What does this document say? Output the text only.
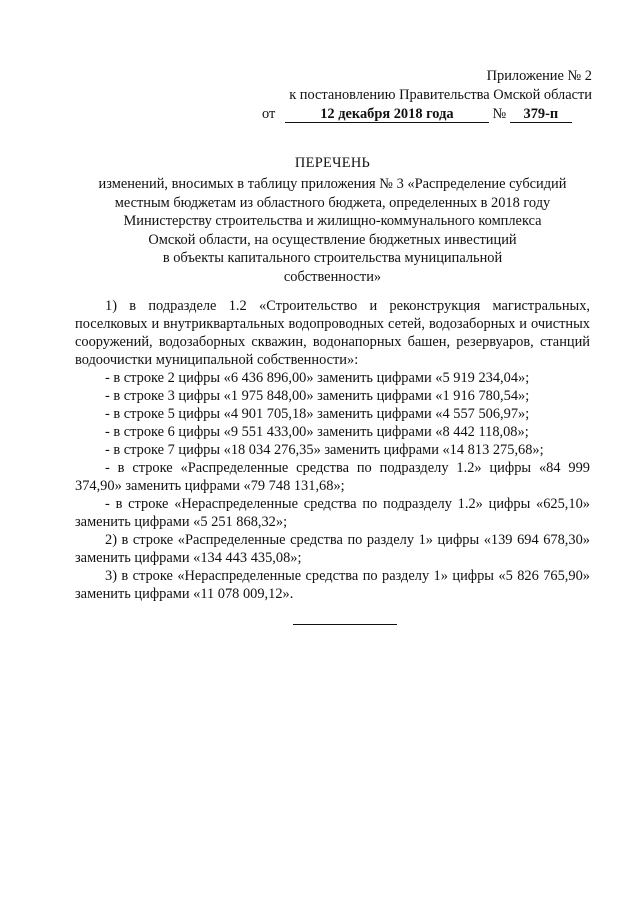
Приложение № 2
к постановлению Правительства Омской области
от	12 декабря 2018 года	№ 379-п
ПЕРЕЧЕНЬ
изменений, вносимых в таблицу приложения № 3 «Распределение субсидий
местным бюджетам из областного бюджета, определенных в 2018 году
Министерству строительства и жилищно-коммунального комплекса
Омской области, на осуществление бюджетных инвестиций
в объекты капитального строительства муниципальной
собственности»

1) в подразделе 1.2 «Строительство и реконструкция магистральных, поселковых и внутриквартальных водопроводных сетей, водозаборных и очистных сооружений, водозаборных скважин, водонапорных башен, резервуаров, станций водоочистки муниципальной собственности»:

- в строке 2 цифры «6 436 896,00» заменить цифрами «5 919 234,04»;

- в строке 3 цифры «1 975 848,00» заменить цифрами «1 916 780,54»;

- в строке 5 цифры «4 901 705,18» заменить цифрами «4 557 506,97»;

- в строке 6 цифры «9 551 433,00» заменить цифрами «8 442 118,08»;

- в строке 7 цифры «18 034 276,35» заменить цифрами «14 813 275,68»;

- в строке «Распределенные средства по подразделу 1.2» цифры «84 999 374,90» заменить цифрами «79 748 131,68»;

- в строке «Нераспределенные средства по подразделу 1.2» цифры «625,10» заменить цифрами «5 251 868,32»;

2) в строке «Распределенные средства по разделу 1» цифры «139 694 678,30» заменить цифрами «134 443 435,08»;

3) в строке «Нераспределенные средства по разделу 1» цифры «5 826 765,90» заменить цифрами «11 078 009,12».
